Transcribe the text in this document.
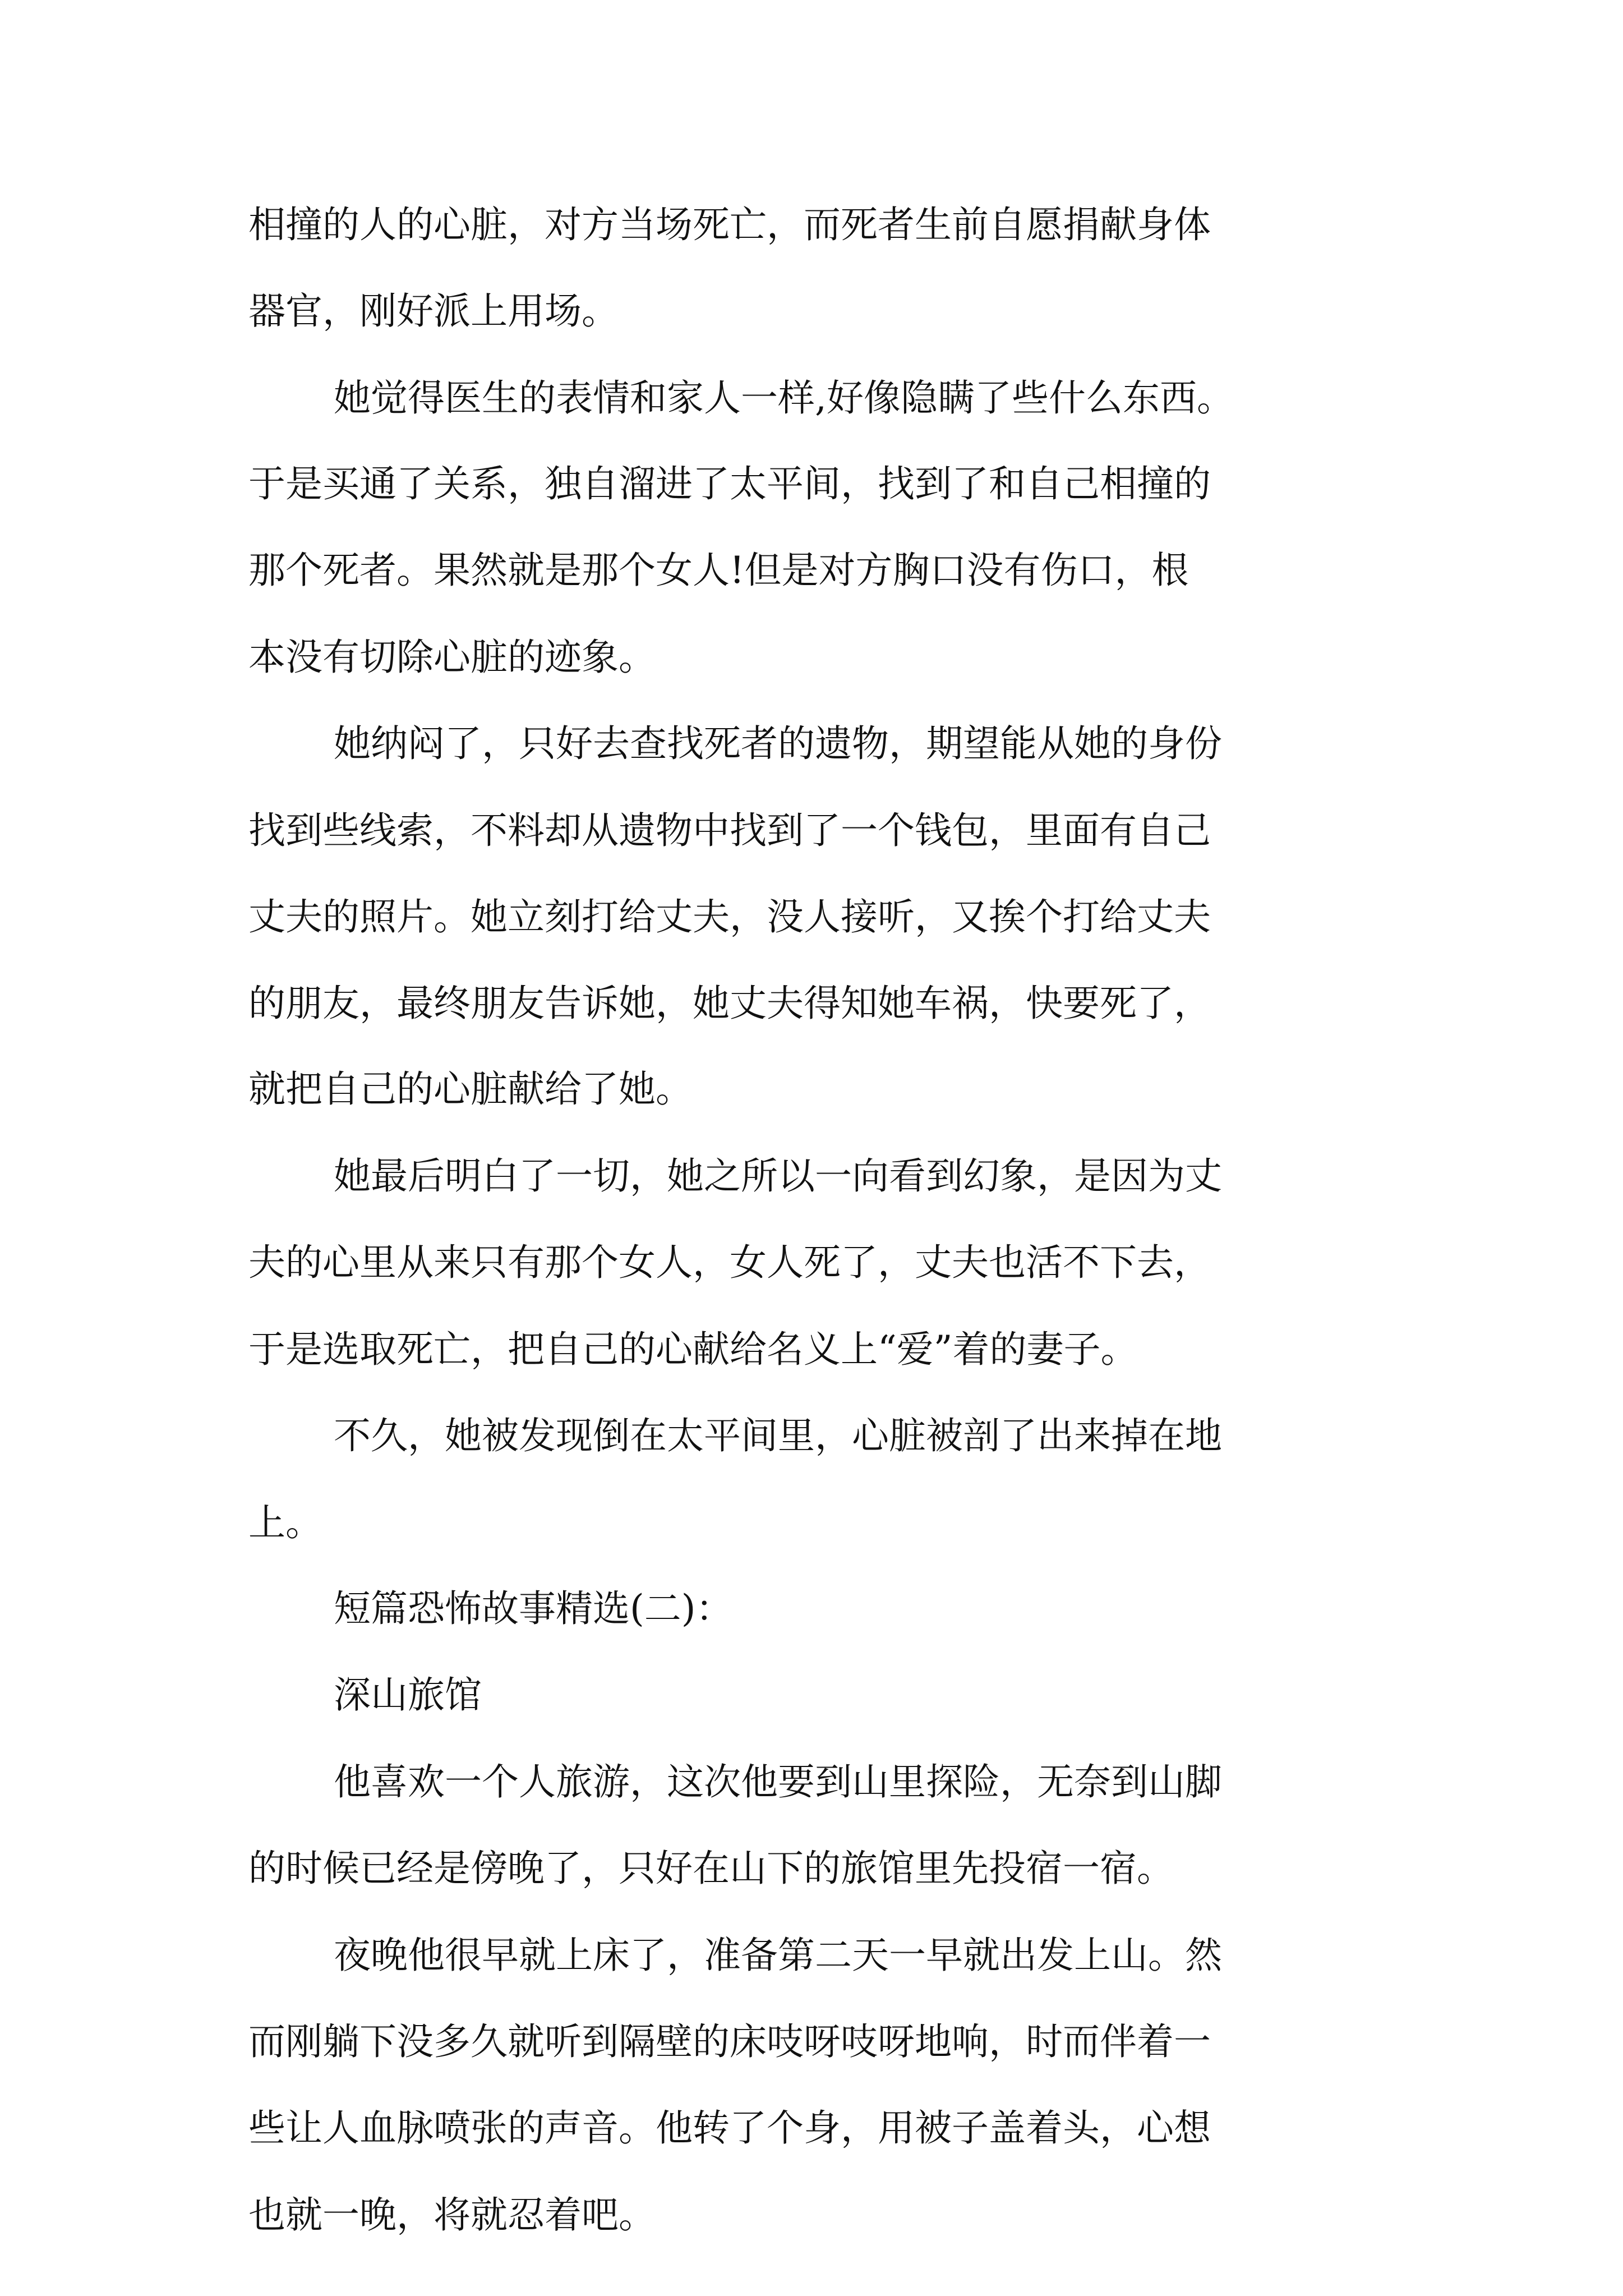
相撞的人的心脏，对方当场死亡，而死者生前自愿捐献身体

器官，刚好派上用场。

她觉得医生的表情和家人一样,好像隐瞒了些什么东西。

于是买通了关系，独自溜进了太平间，找到了和自己相撞的

那个死者。果然就是那个女人!但是对方胸口没有伤口，根

本没有切除心脏的迹象。

她纳闷了，只好去查找死者的遗物，期望能从她的身份

找到些线索，不料却从遗物中找到了一个钱包，里面有自己

丈夫的照片。她立刻打给丈夫，没人接听，又挨个打给丈夫

的朋友，最终朋友告诉她，她丈夫得知她车祸，快要死了，

就把自己的心脏献给了她。

她最后明白了一切，她之所以一向看到幻象，是因为丈

夫的心里从来只有那个女人，女人死了，丈夫也活不下去，

于是选取死亡，把自己的心献给名义上“爱”着的妻子。

不久，她被发现倒在太平间里，心脏被剖了出来掉在地

上。

短篇恐怖故事精选(二)：

深山旅馆

他喜欢一个人旅游，这次他要到山里探险，无奈到山脚

的时候已经是傍晚了，只好在山下的旅馆里先投宿一宿。

夜晚他很早就上床了，准备第二天一早就出发上山。然

而刚躺下没多久就听到隔壁的床吱呀吱呀地响，时而伴着一

些让人血脉喷张的声音。他转了个身，用被子盖着头，心想

也就一晚，将就忍着吧。
